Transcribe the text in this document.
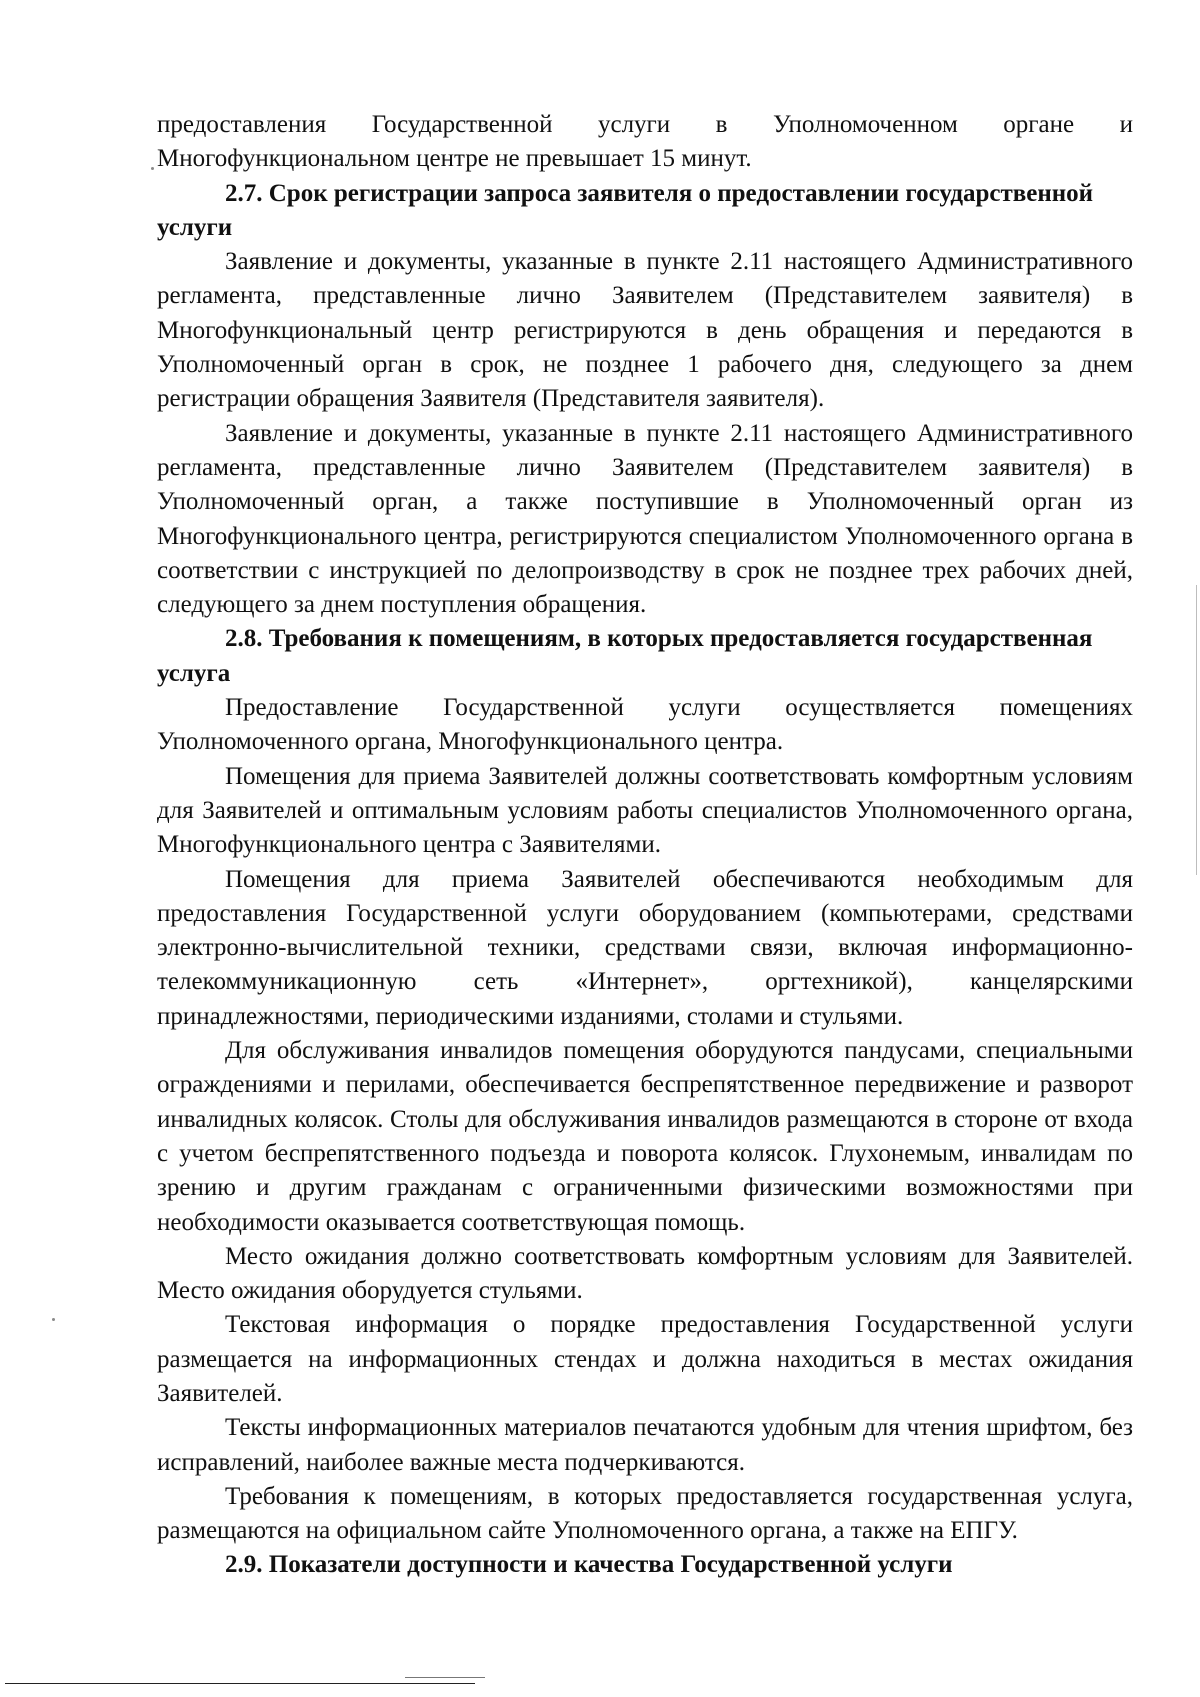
предоставления Государственной услуги в Уполномоченном органе и Многофункциональном центре не превышает 15 минут.

2.7. Срок регистрации запроса заявителя о предоставлении государственной услуги

Заявление и документы, указанные в пункте 2.11 настоящего Административного регламента, представленные лично Заявителем (Представителем заявителя) в Многофункциональный центр регистрируются в день обращения и передаются в Уполномоченный орган в срок, не позднее 1 рабочего дня, следующего за днем регистрации обращения Заявителя (Представителя заявителя).

Заявление и документы, указанные в пункте 2.11 настоящего Административного регламента, представленные лично Заявителем (Представителем заявителя) в Уполномоченный орган, а также поступившие в Уполномоченный орган из Многофункционального центра, регистрируются специалистом Уполномоченного органа в соответствии с инструкцией по делопроизводству в срок не позднее трех рабочих дней, следующего за днем поступления обращения.

2.8. Требования к помещениям, в которых предоставляется государственная услуга

Предоставление Государственной услуги осуществляется помещениях Уполномоченного органа, Многофункционального центра.

Помещения для приема Заявителей должны соответствовать комфортным условиям для Заявителей и оптимальным условиям работы специалистов Уполномоченного органа, Многофункционального центра с Заявителями.

Помещения для приема Заявителей обеспечиваются необходимым для предоставления Государственной услуги оборудованием (компьютерами, средствами электронно-вычислительной техники, средствами связи, включая информационно-телекоммуникационную сеть «Интернет», оргтехникой), канцелярскими принадлежностями, периодическими изданиями, столами и стульями.

Для обслуживания инвалидов помещения оборудуются пандусами, специальными ограждениями и перилами, обеспечивается беспрепятственное передвижение и разворот инвалидных колясок. Столы для обслуживания инвалидов размещаются в стороне от входа с учетом беспрепятственного подъезда и поворота колясок. Глухонемым, инвалидам по зрению и другим гражданам с ограниченными физическими возможностями при необходимости оказывается соответствующая помощь.

Место ожидания должно соответствовать комфортным условиям для Заявителей. Место ожидания оборудуется стульями.

Текстовая информация о порядке предоставления Государственной услуги размещается на информационных стендах и должна находиться в местах ожидания Заявителей.

Тексты информационных материалов печатаются удобным для чтения шрифтом, без исправлений, наиболее важные места подчеркиваются.

Требования к помещениям, в которых предоставляется государственная услуга, размещаются на официальном сайте Уполномоченного органа, а также на ЕПГУ.

2.9. Показатели доступности и качества Государственной услуги
